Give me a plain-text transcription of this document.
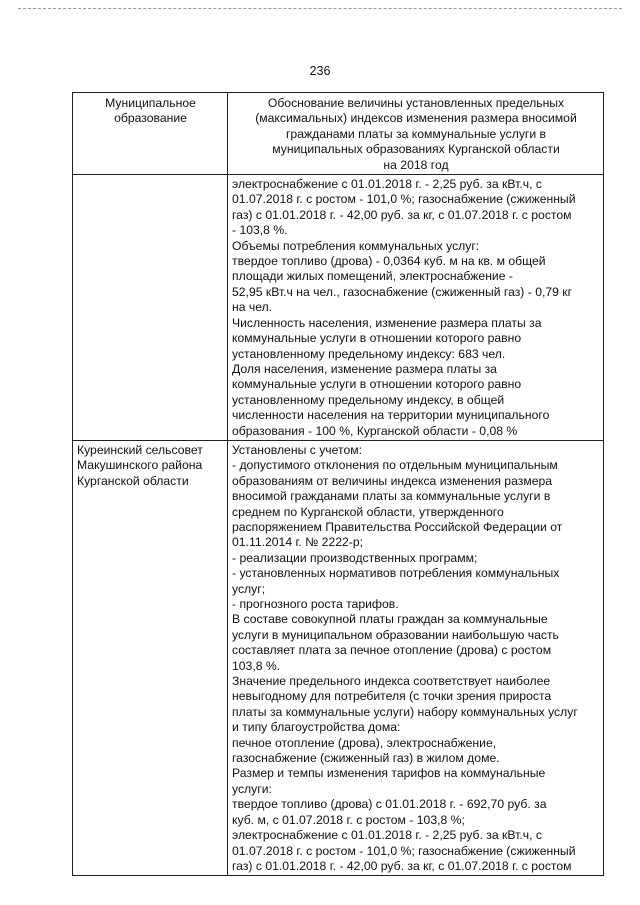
236
Муниципальное
образование
Обоснование величины установленных предельных
(максимальных) индексов изменения размера вносимой
гражданами платы за коммунальные услуги в
муниципальных образованиях Курганской области
на 2018 год
электроснабжение с 01.01.2018 г. - 2,25 руб. за кВт.ч, с
01.07.2018 г. с ростом - 101,0 %; газоснабжение (сжиженный
газ) с 01.01.2018 г. - 42,00 руб. за кг, с 01.07.2018 г. с ростом
- 103,8 %.
Объемы потребления коммунальных услуг:
твердое топливо (дрова) - 0,0364 куб. м на кв. м общей
площади жилых помещений, электроснабжение -
52,95 кВт.ч на чел., газоснабжение (сжиженный газ) - 0,79 кг
на чел.
Численность населения, изменение размера платы за
коммунальные услуги в отношении которого равно
установленному предельному индексу: 683 чел.
Доля населения, изменение размера платы за
коммунальные услуги в отношении которого равно
установленному предельному индексу, в общей
численности населения на территории муниципального
образования - 100 %, Курганской области - 0,08 %
Куреинский сельсовет
Макушинского района
Курганской области
Установлены с учетом:
- допустимого отклонения по отдельным муниципальным
образованиям от величины индекса изменения размера
вносимой гражданами платы за коммунальные услуги в
среднем по Курганской области, утвержденного
распоряжением Правительства Российской Федерации от
01.11.2014 г. № 2222-р;
- реализации производственных программ;
- установленных нормативов потребления коммунальных
услуг;
- прогнозного роста тарифов.
В составе совокупной платы граждан за коммунальные
услуги в муниципальном образовании наибольшую часть
составляет плата за печное отопление (дрова) с ростом
103,8 %.
Значение предельного индекса соответствует наиболее
невыгодному для потребителя (с точки зрения прироста
платы за коммунальные услуги) набору коммунальных услуг
и типу благоустройства дома:
печное отопление (дрова), электроснабжение,
газоснабжение (сжиженный газ) в жилом доме.
Размер и темпы изменения тарифов на коммунальные
услуги:
твердое топливо (дрова) с 01.01.2018 г. - 692,70 руб. за
куб. м, с 01.07.2018 г. с ростом - 103,8 %;
электроснабжение с 01.01.2018 г. - 2,25 руб. за кВт.ч, с
01.07.2018 г. с ростом - 101,0 %; газоснабжение (сжиженный
газ) с 01.01.2018 г. - 42,00 руб. за кг, с 01.07.2018 г. с ростом
